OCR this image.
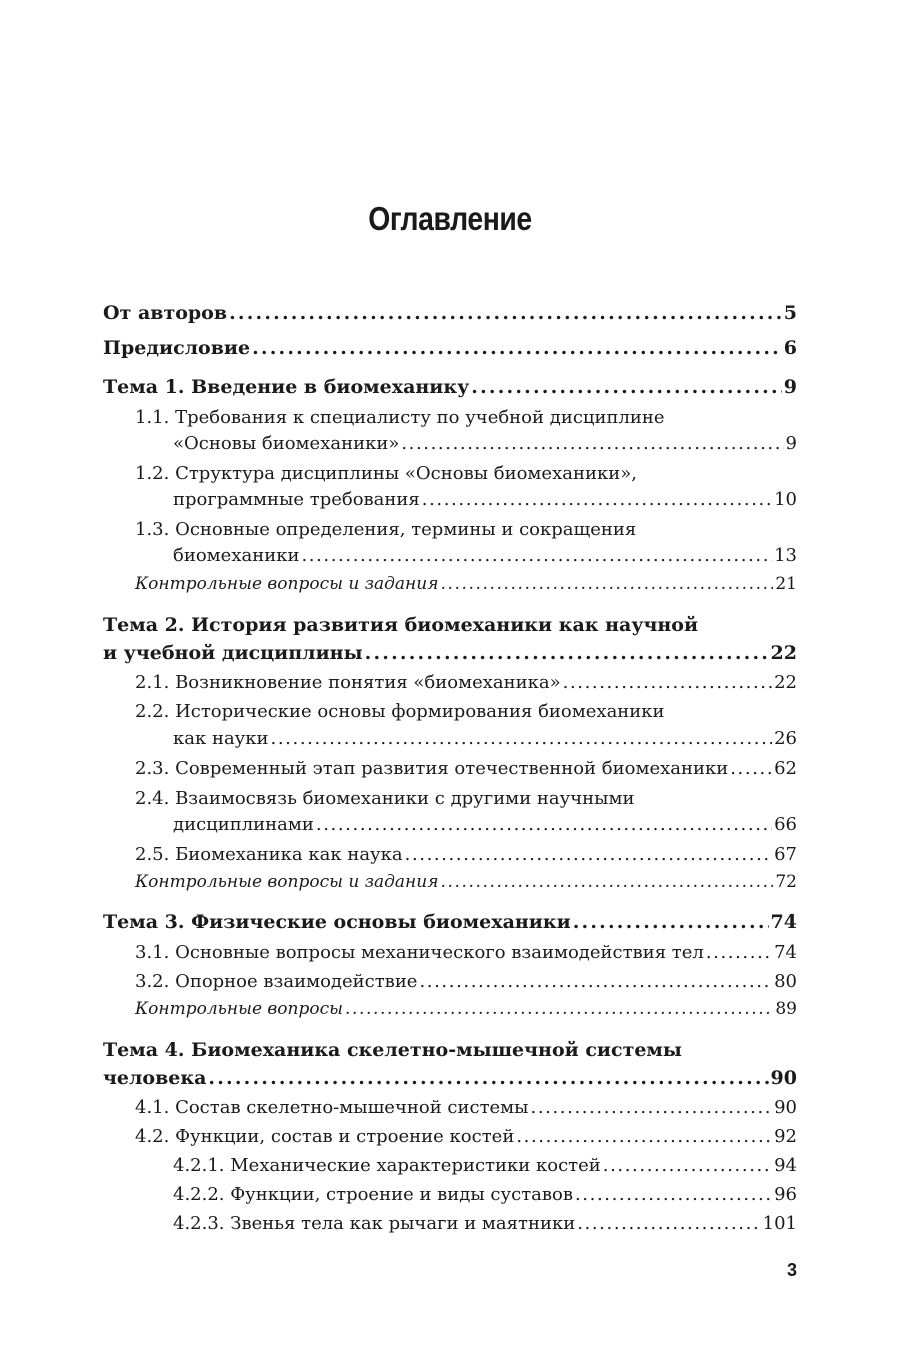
Оглавление
От авторов .....	5
Предисловие .....	6
Тема 1. Введение в биомеханику .....	9
1.1. Требования к специалисту по учебной дисциплине
«Основы биомеханики» .....	9
1.2. Структура дисциплины «Основы биомеханики»,
программные требования .....	10
1.3. Основные определения, термины и сокращения
биомеханики .....	13
Контрольные вопросы и задания .....	21
Тема 2. История развития биомеханики как научной
и учебной дисциплины .....	22
2.1. Возникновение понятия «биомеханика» .....	22
2.2. Исторические основы формирования биомеханики
как науки .....	26
2.3. Современный этап развития отечественной биомеханики .....	62
2.4. Взаимосвязь биомеханики с другими научными
дисциплинами .....	66
2.5. Биомеханика как наука .....	67
Контрольные вопросы и задания .....	72
Тема 3. Физические основы биомеханики .....	74
3.1. Основные вопросы механического взаимодействия тел .....	74
3.2. Опорное взаимодействие .....	80
Контрольные вопросы .....	89
Тема 4. Биомеханика скелетно-мышечной системы
человека .....	90
4.1. Состав скелетно-мышечной системы .....	90
4.2. Функции, состав и строение костей .....	92
4.2.1. Механические характеристики костей .....	94
4.2.2. Функции, строение и виды суставов .....	96
4.2.3. Звенья тела как рычаги и маятники .....	101
3
